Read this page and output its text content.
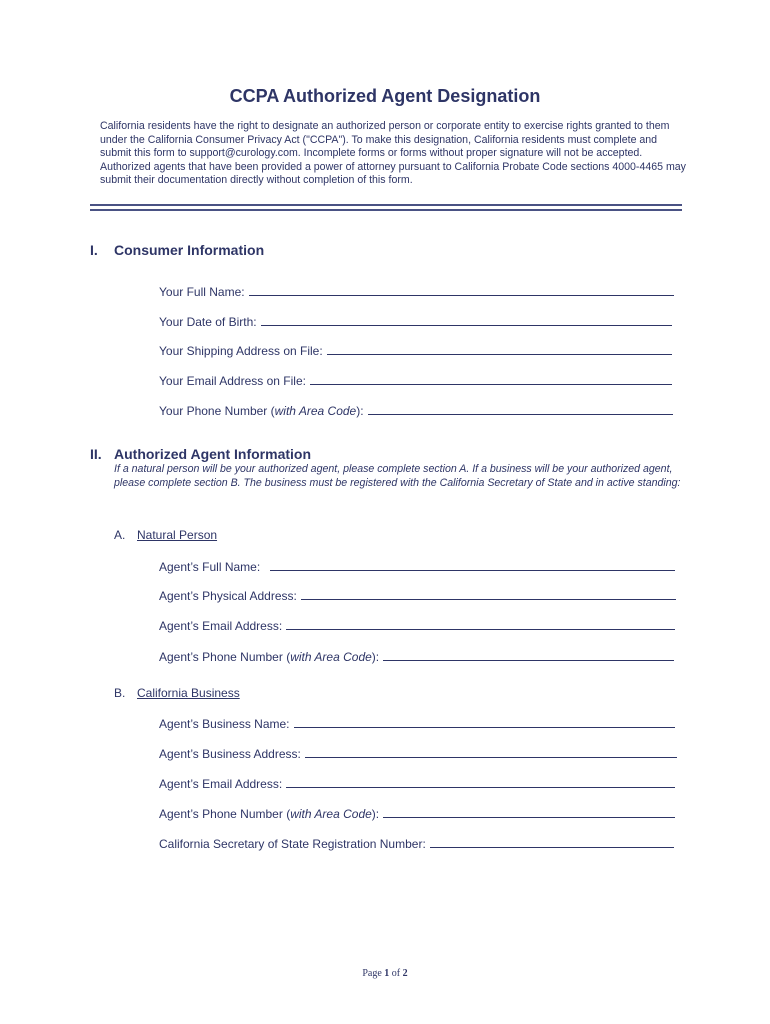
CCPA Authorized Agent Designation
California residents have the right to designate an authorized person or corporate entity to exercise rights granted to them under the California Consumer Privacy Act ("CCPA"). To make this designation, California residents must complete and submit this form to support@curology.com. Incomplete forms or forms without proper signature will not be accepted. Authorized agents that have been provided a power of attorney pursuant to California Probate Code sections 4000-4465 may submit their documentation directly without completion of this form.
I. Consumer Information
Your Full Name:
Your Date of Birth:
Your Shipping Address on File:
Your Email Address on File:
Your Phone Number (with Area Code):
II. Authorized Agent Information
If a natural person will be your authorized agent, please complete section A. If a business will be your authorized agent, please complete section B. The business must be registered with the California Secretary of State and in active standing:
A. Natural Person
Agent’s Full Name:
Agent’s Physical Address:
Agent’s Email Address:
Agent’s Phone Number (with Area Code):
B. California Business
Agent’s Business Name:
Agent’s Business Address:
Agent’s Email Address:
Agent’s Phone Number (with Area Code):
California Secretary of State Registration Number:
Page 1 of 2
